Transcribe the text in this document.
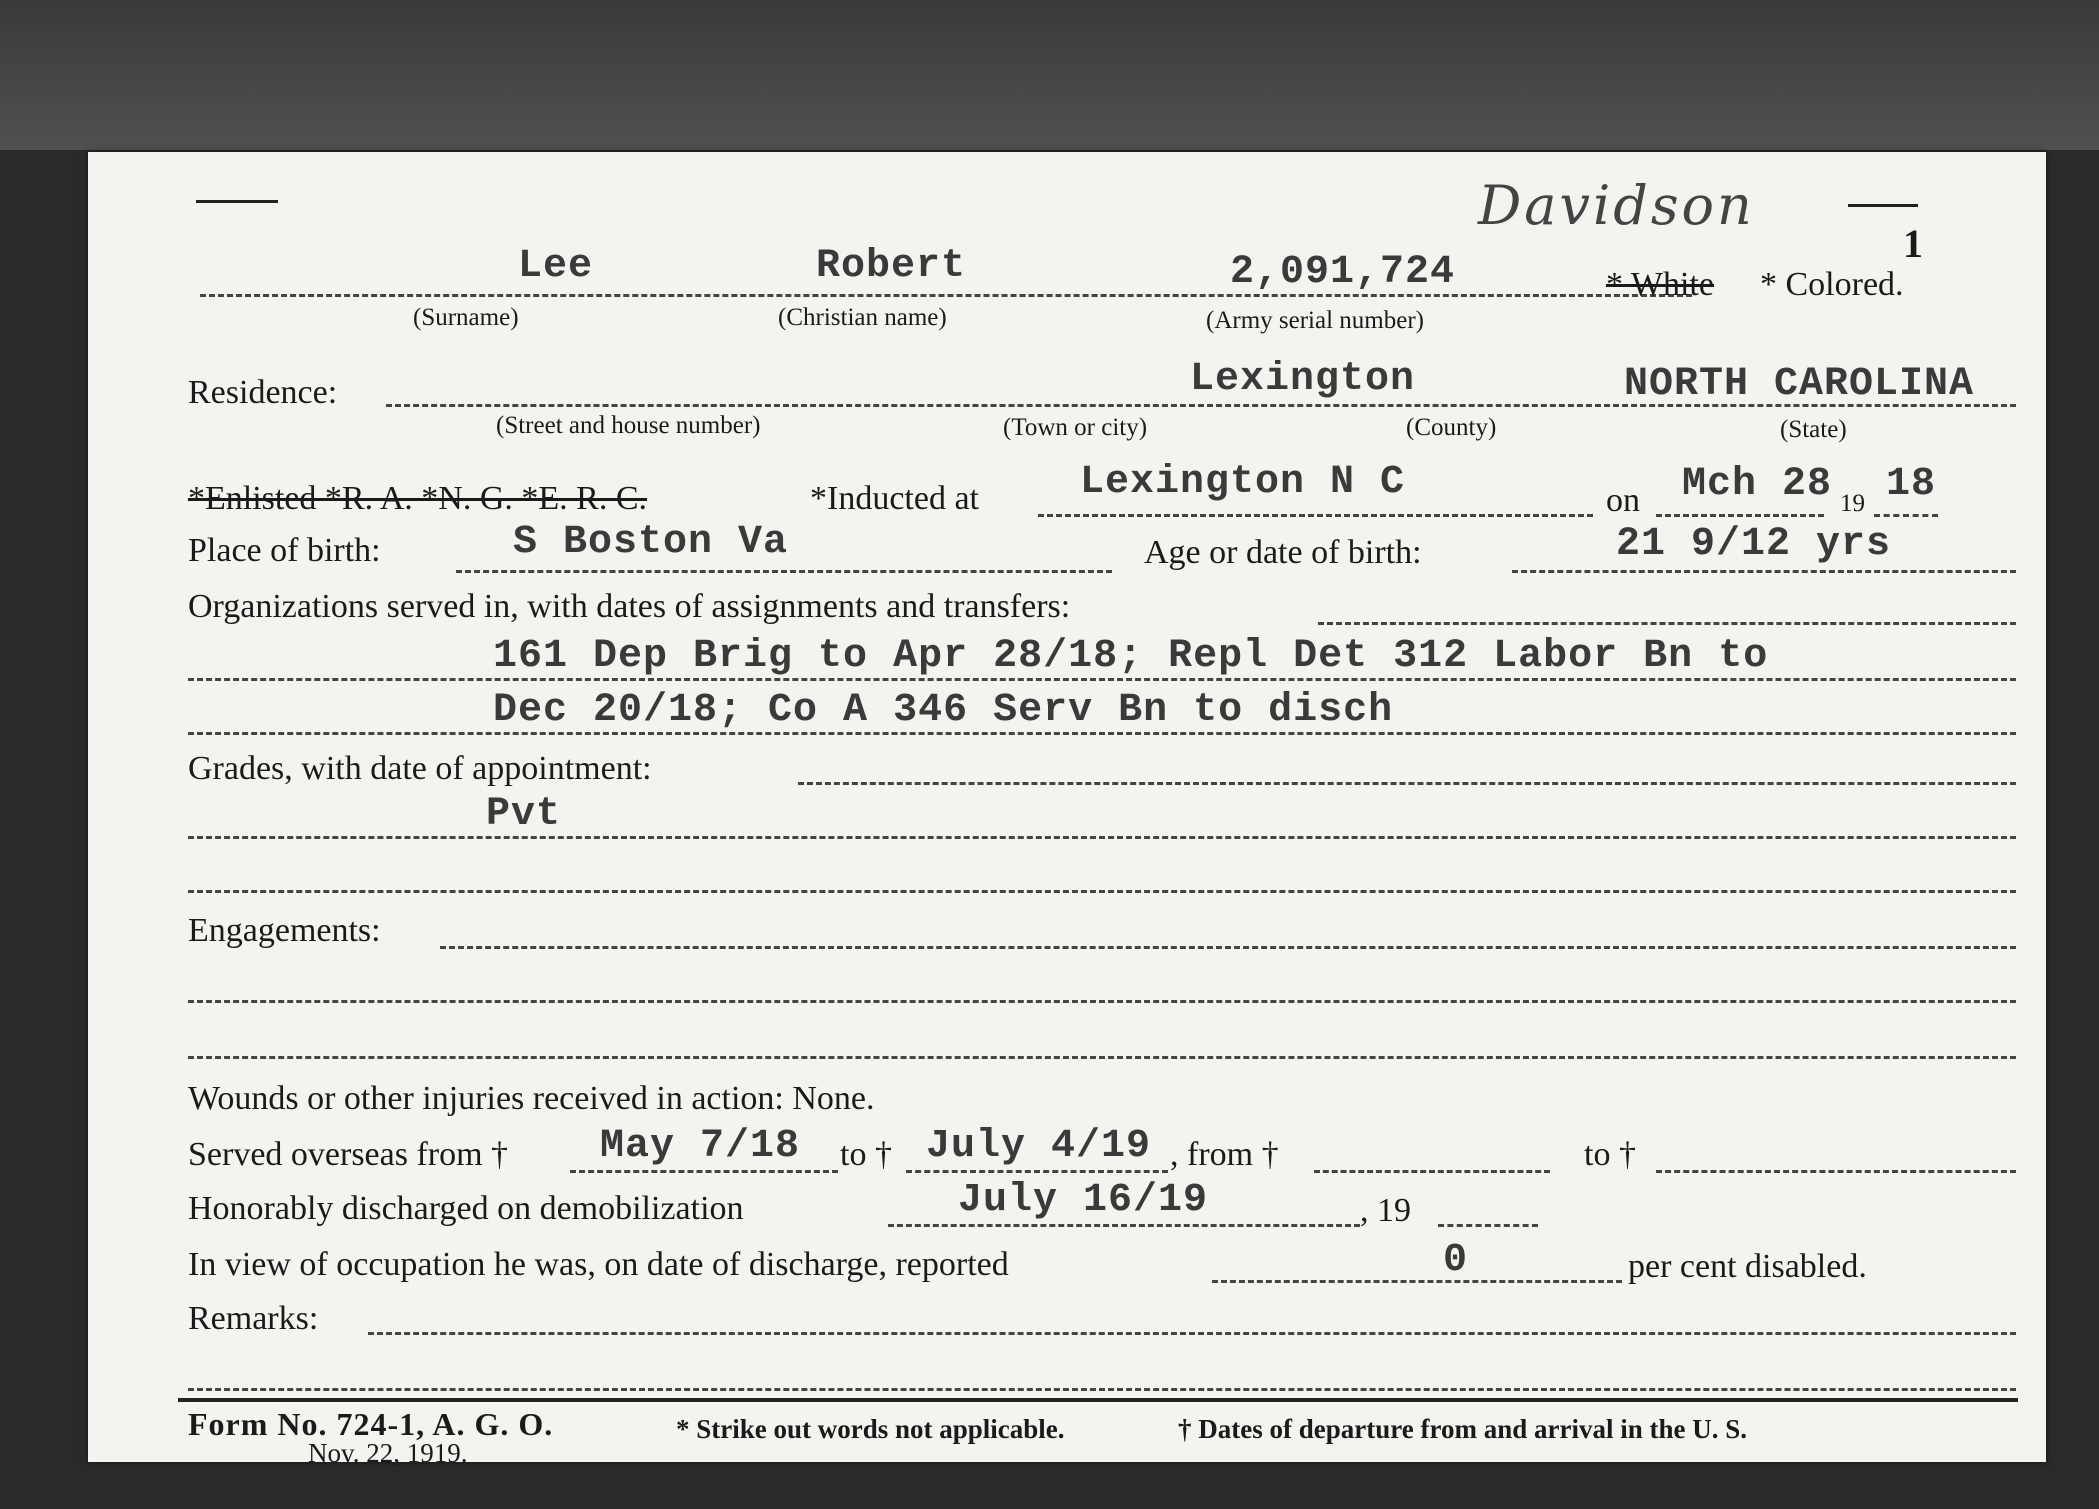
Davidson
1
Lee	Robert	2,091,724	* White * Colored.
(Surname)	(Christian name)	(Army serial number)
Residence:	Lexington	NORTH CAROLINA
(Street and house number)	(Town or city)	(County)	(State)
*Enlisted *R. A. *N. G. *E. R. C.	*Inducted at	Lexington N C	on Mch 28 19 18
Place of birth:	S Boston Va	Age or date of birth:	21 9/12 yrs
Organizations served in, with dates of assignments and transfers:
161 Dep Brig to Apr 28/18; Repl Det 312 Labor Bn to
Dec 20/18; Co A 346 Serv Bn to disch
Grades, with date of appointment:
Pvt
Engagements:
Wounds or other injuries received in action: None.
Served overseas from † May 7/18 to † July 4/19 , from †	to †
Honorably discharged on demobilization	July 16/19	, 19
In view of occupation he was, on date of discharge, reported	0	per cent disabled.
Remarks:
Form No. 724-1, A. G. O.
Nov. 22, 1919.
* Strike out words not applicable.	† Dates of departure from and arrival in the U. S.
